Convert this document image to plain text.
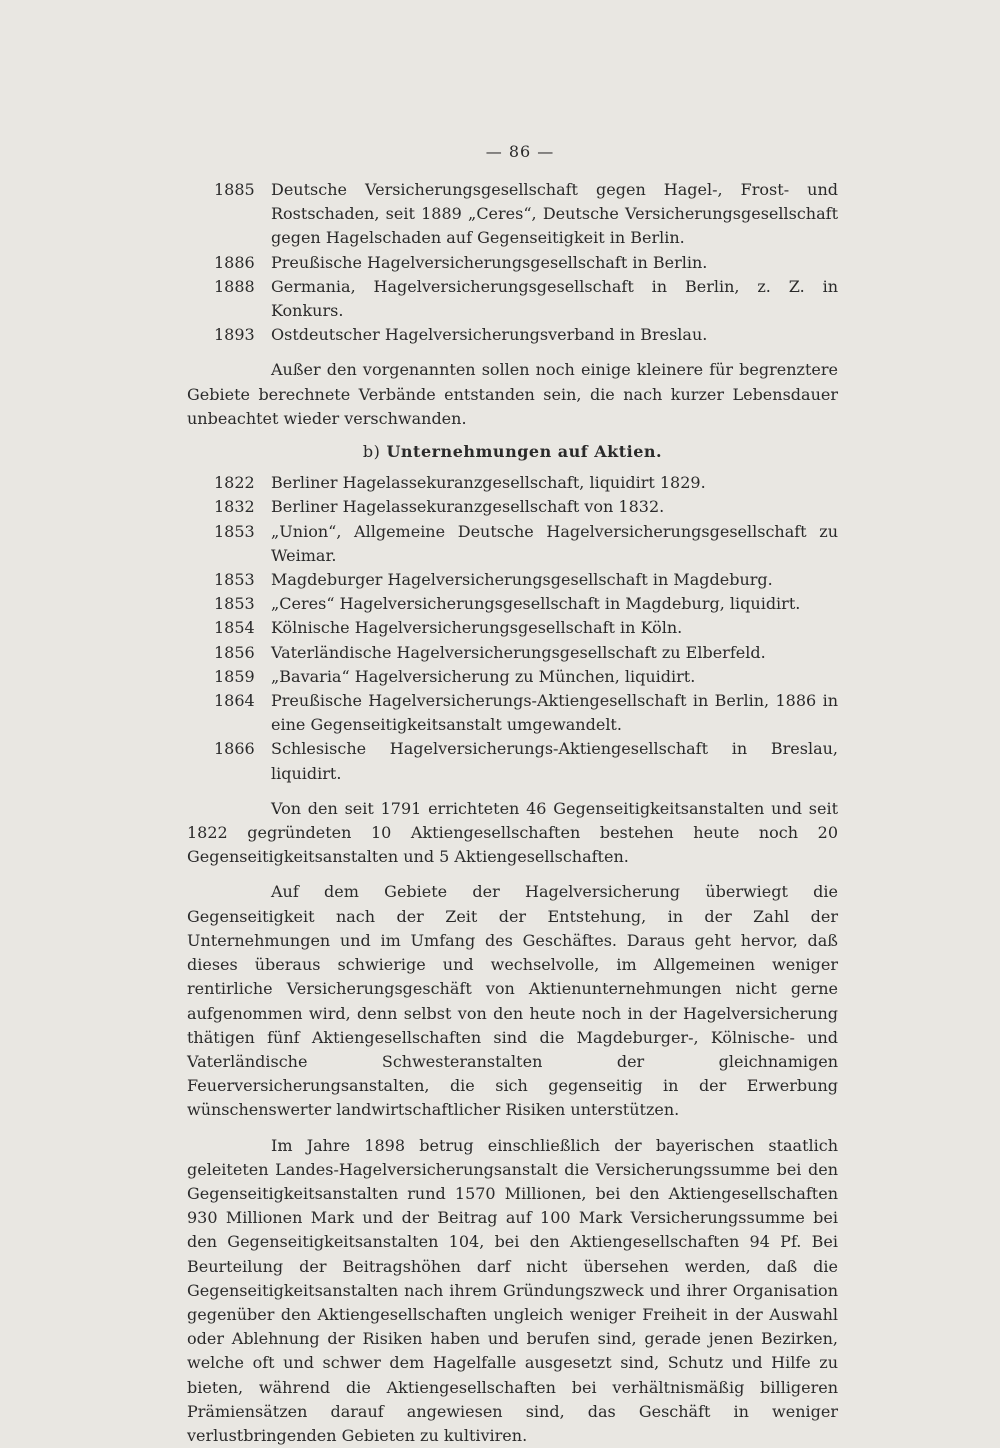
— 86 —
1885 Deutsche Versicherungsgesellschaft gegen Hagel-, Frost- und Rostschaden, seit 1889 „Ceres“, Deutsche Versicherungsgesellschaft gegen Hagelschaden auf Gegenseitigkeit in Berlin.
1886 Preußische Hagelversicherungsgesellschaft in Berlin.
1888 Germania, Hagelversicherungsgesellschaft in Berlin, z. Z. in Konkurs.
1893 Ostdeutscher Hagelversicherungsverband in Breslau.

Außer den vorgenannten sollen noch einige kleinere für begrenztere Gebiete berechnete Verbände entstanden sein, die nach kurzer Lebensdauer unbeachtet wieder verschwanden.

b) Unternehmungen auf Aktien.
1822 Berliner Hagelassekuranzgesellschaft, liquidirt 1829.
1832 Berliner Hagelassekuranzgesellschaft von 1832.
1853 „Union“, Allgemeine Deutsche Hagelversicherungsgesellschaft zu Weimar.
1853 Magdeburger Hagelversicherungsgesellschaft in Magdeburg.
1853 „Ceres“ Hagelversicherungsgesellschaft in Magdeburg, liquidirt.
1854 Kölnische Hagelversicherungsgesellschaft in Köln.
1856 Vaterländische Hagelversicherungsgesellschaft zu Elberfeld.
1859 „Bavaria“ Hagelversicherung zu München, liquidirt.
1864 Preußische Hagelversicherungs-Aktiengesellschaft in Berlin, 1886 in eine Gegenseitigkeitsanstalt umgewandelt.
1866 Schlesische Hagelversicherungs-Aktiengesellschaft in Breslau, liquidirt.

Von den seit 1791 errichteten 46 Gegenseitigkeitsanstalten und seit 1822 gegründeten 10 Aktiengesellschaften bestehen heute noch 20 Gegenseitigkeitsanstalten und 5 Aktiengesellschaften.

Auf dem Gebiete der Hagelversicherung überwiegt die Gegenseitigkeit nach der Zeit der Entstehung, in der Zahl der Unternehmungen und im Umfang des Geschäftes. Daraus geht hervor, daß dieses überaus schwierige und wechselvolle, im Allgemeinen weniger rentirliche Versicherungsgeschäft von Aktienunternehmungen nicht gerne aufgenommen wird, denn selbst von den heute noch in der Hagelversicherung thätigen fünf Aktiengesellschaften sind die Magdeburger-, Kölnische- und Vaterländische Schwesteranstalten der gleichnamigen Feuerversicherungsanstalten, die sich gegenseitig in der Erwerbung wünschenswerter landwirtschaftlicher Risiken unterstützen.

Im Jahre 1898 betrug einschließlich der bayerischen staatlich geleiteten Landes-Hagelversicherungsanstalt die Versicherungssumme bei den Gegenseitigkeitsanstalten rund 1570 Millionen, bei den Aktiengesellschaften 930 Millionen Mark und der Beitrag auf 100 Mark Versicherungssumme bei den Gegenseitigkeitsanstalten 104, bei den Aktiengesellschaften 94 Pf. Bei Beurteilung der Beitragshöhen darf nicht übersehen werden, daß die Gegenseitigkeitsanstalten nach ihrem Gründungszweck und ihrer Organisation gegenüber den Aktiengesellschaften ungleich weniger Freiheit in der Auswahl oder Ablehnung der Risiken haben und berufen sind, gerade jenen Bezirken, welche oft und schwer dem Hagelfalle ausgesetzt sind, Schutz und Hilfe zu bieten, während die Aktiengesellschaften bei verhältnismäßig billigeren Prämiensätzen darauf angewiesen sind, das Geschäft in weniger verlustbringenden Gebieten zu kultiviren.
